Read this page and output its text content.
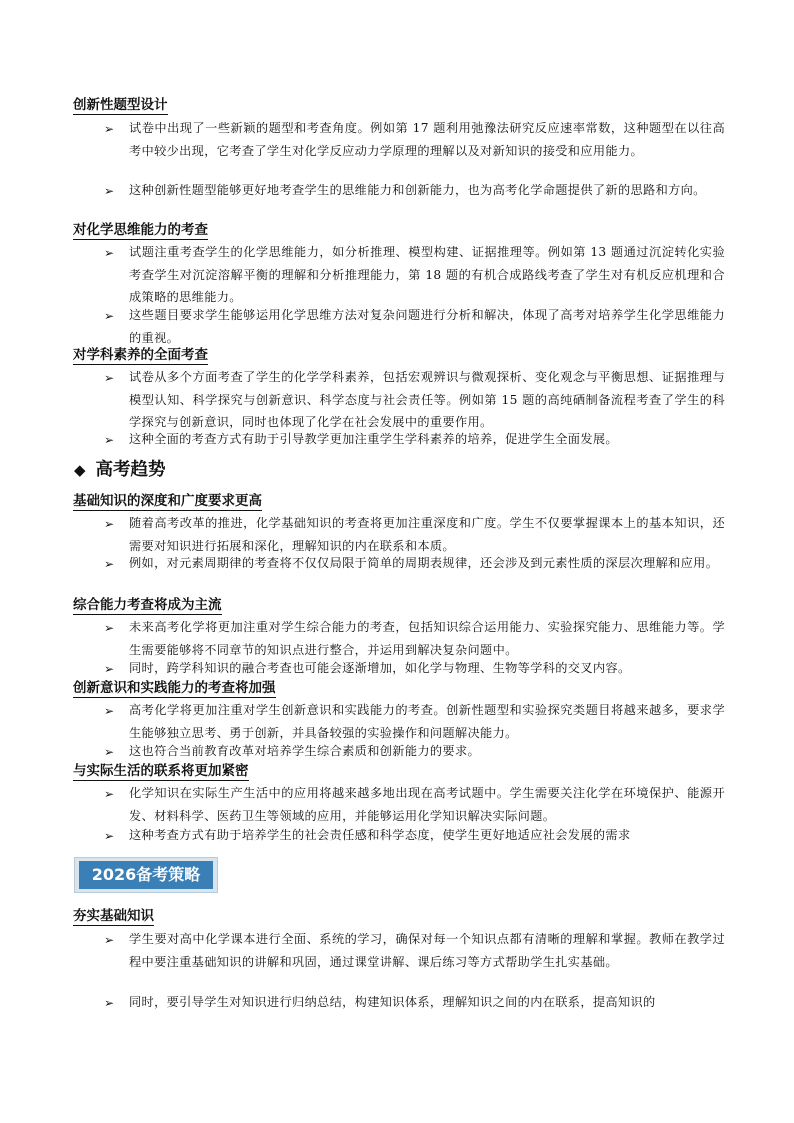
创新性题型设计
➢	试卷中出现了一些新颖的题型和考查角度。例如第 17 题利用弛豫法研究反应速率常数，这种题型在以往高考中较少出现，它考查了学生对化学反应动力学原理的理解以及对新知识的接受和应用能力。
➢	这种创新性题型能够更好地考查学生的思维能力和创新能力，也为高考化学命题提供了新的思路和方向。
对化学思维能力的考查
➢	试题注重考查学生的化学思维能力，如分析推理、模型构建、证据推理等。例如第 13 题通过沉淀转化实验考查学生对沉淀溶解平衡的理解和分析推理能力，第 18 题的有机合成路线考查了学生对有机反应机理和合成策略的思维能力。
➢	这些题目要求学生能够运用化学思维方法对复杂问题进行分析和解决，体现了高考对培养学生化学思维能力的重视。
对学科素养的全面考查
➢	试卷从多个方面考查了学生的化学学科素养，包括宏观辨识与微观探析、变化观念与平衡思想、证据推理与模型认知、科学探究与创新意识、科学态度与社会责任等。例如第 15 题的高纯硒制备流程考查了学生的科学探究与创新意识，同时也体现了化学在社会发展中的重要作用。
➢	这种全面的考查方式有助于引导教学更加注重学生学科素养的培养，促进学生全面发展。
◆ 高考趋势
基础知识的深度和广度要求更高
➢	随着高考改革的推进，化学基础知识的考查将更加注重深度和广度。学生不仅要掌握课本上的基本知识，还需要对知识进行拓展和深化，理解知识的内在联系和本质。
➢	例如，对元素周期律的考查将不仅仅局限于简单的周期表规律，还会涉及到元素性质的深层次理解和应用。
综合能力考查将成为主流
➢	未来高考化学将更加注重对学生综合能力的考查，包括知识综合运用能力、实验探究能力、思维能力等。学生需要能够将不同章节的知识点进行整合，并运用到解决复杂问题中。
➢	同时，跨学科知识的融合考查也可能会逐渐增加，如化学与物理、生物等学科的交叉内容。
创新意识和实践能力的考查将加强
➢	高考化学将更加注重对学生创新意识和实践能力的考查。创新性题型和实验探究类题目将越来越多，要求学生能够独立思考、勇于创新，并具备较强的实验操作和问题解决能力。
➢	这也符合当前教育改革对培养学生综合素质和创新能力的要求。
与实际生活的联系将更加紧密
➢	化学知识在实际生产生活中的应用将越来越多地出现在高考试题中。学生需要关注化学在环境保护、能源开发、材料科学、医药卫生等领域的应用，并能够运用化学知识解决实际问题。
➢	这种考查方式有助于培养学生的社会责任感和科学态度，使学生更好地适应社会发展的需求
2026备考策略
夯实基础知识
➢	学生要对高中化学课本进行全面、系统的学习，确保对每一个知识点都有清晰的理解和掌握。教师在教学过程中要注重基础知识的讲解和巩固，通过课堂讲解、课后练习等方式帮助学生扎实基础。
➢	同时，要引导学生对知识进行归纳总结，构建知识体系，理解知识之间的内在联系，提高知识的
